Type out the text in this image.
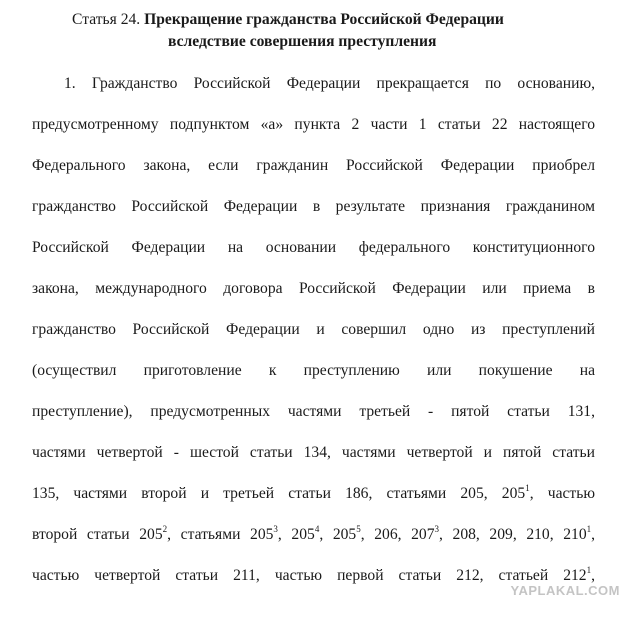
Статья 24. Прекращение гражданства Российской Федерации
вследствие совершения преступления
1. Гражданство Российской Федерации прекращается по основанию,
предусмотренному подпунктом «а» пункта 2 части 1 статьи 22 настоящего
Федерального закона, если гражданин Российской Федерации приобрел
гражданство Российской Федерации в результате признания гражданином
Российской Федерации на основании федерального конституционного
закона, международного договора Российской Федерации или приема в
гражданство Российской Федерации и совершил одно из преступлений
(осуществил приготовление к преступлению или покушение на
преступление), предусмотренных частями третьей - пятой статьи 131,
частями четвертой - шестой статьи 134, частями четвертой и пятой статьи
135, частями второй и третьей статьи 186, статьями 205, $205^1$, частью
второй статьи $205^2$, статьями $205^3$, $205^4$, $205^5$, 206, $207^3$, 208, 209, 210, $210^1$,
частью четвертой статьи 211, частью первой статьи 212, статьей $212^1$,
YAPLAKAL.COM
